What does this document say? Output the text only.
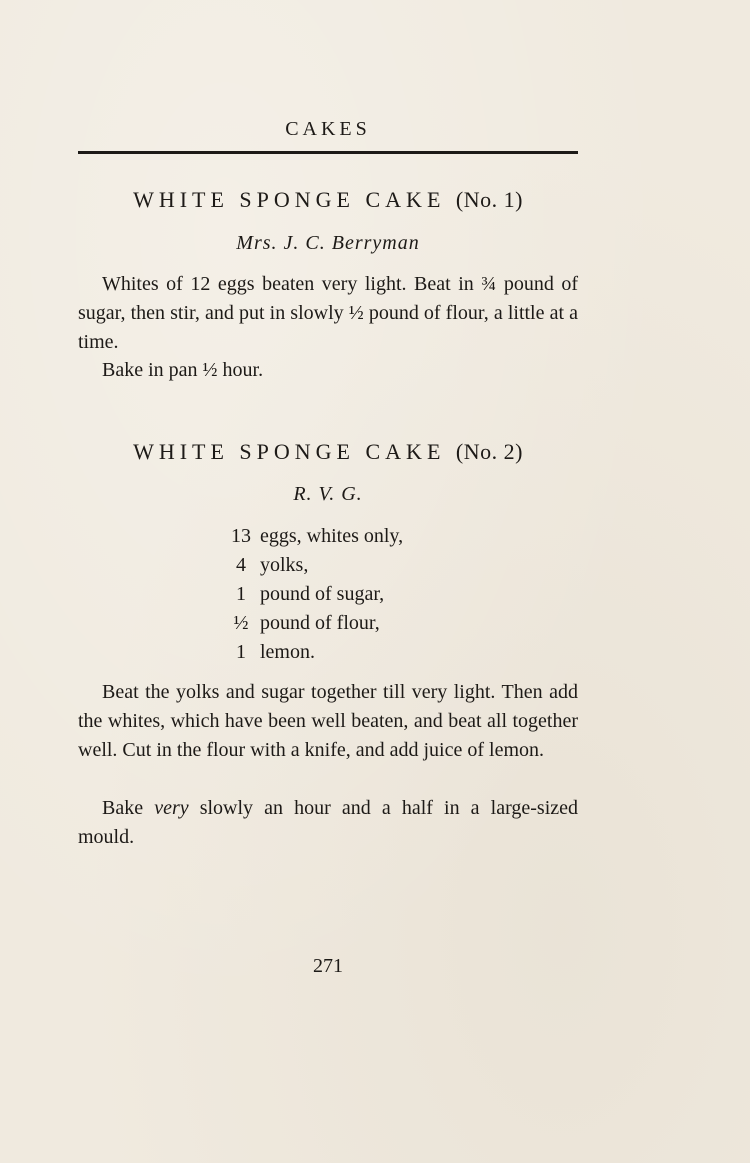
CAKES
WHITE SPONGE CAKE (No. 1)
Mrs. J. C. Berryman

Whites of 12 eggs beaten very light. Beat in ¾ pound of sugar, then stir, and put in slowly ½ pound of flour, a little at a time.

Bake in pan ½ hour.

WHITE SPONGE CAKE (No. 2)
R. V. G.
13 eggs, whites only,
4 yolks,
1 pound of sugar,
½ pound of flour,
1 lemon.

Beat the yolks and sugar together till very light. Then add the whites, which have been well beaten, and beat all together well. Cut in the flour with a knife, and add juice of lemon.

Bake very slowly an hour and a half in a large-sized mould.

271
